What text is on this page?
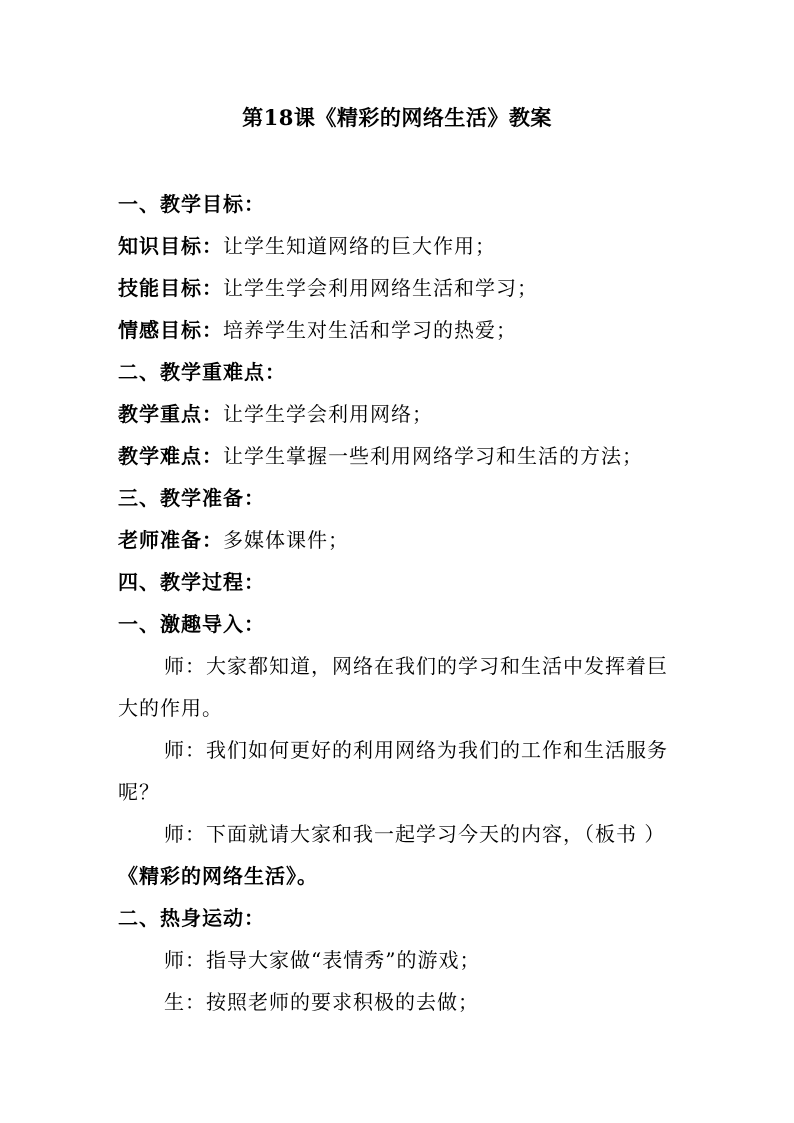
第18课《精彩的网络生活》教案
一、教学目标：
知识目标：让学生知道网络的巨大作用；
技能目标：让学生学会利用网络生活和学习；
情感目标：培养学生对生活和学习的热爱；
二、教学重难点：
教学重点：让学生学会利用网络；
教学难点：让学生掌握一些利用网络学习和生活的方法；
三、教学准备：
老师准备：多媒体课件；
四、教学过程：
一、激趣导入：
师：大家都知道，网络在我们的学习和生活中发挥着巨
大的作用。
师：我们如何更好的利用网络为我们的工作和生活服务
呢？
师：下面就请大家和我一起学习今天的内容，（板书 ）
《精彩的网络生活》。
二、热身运动：
师：指导大家做“表情秀”的游戏；
生：按照老师的要求积极的去做；
